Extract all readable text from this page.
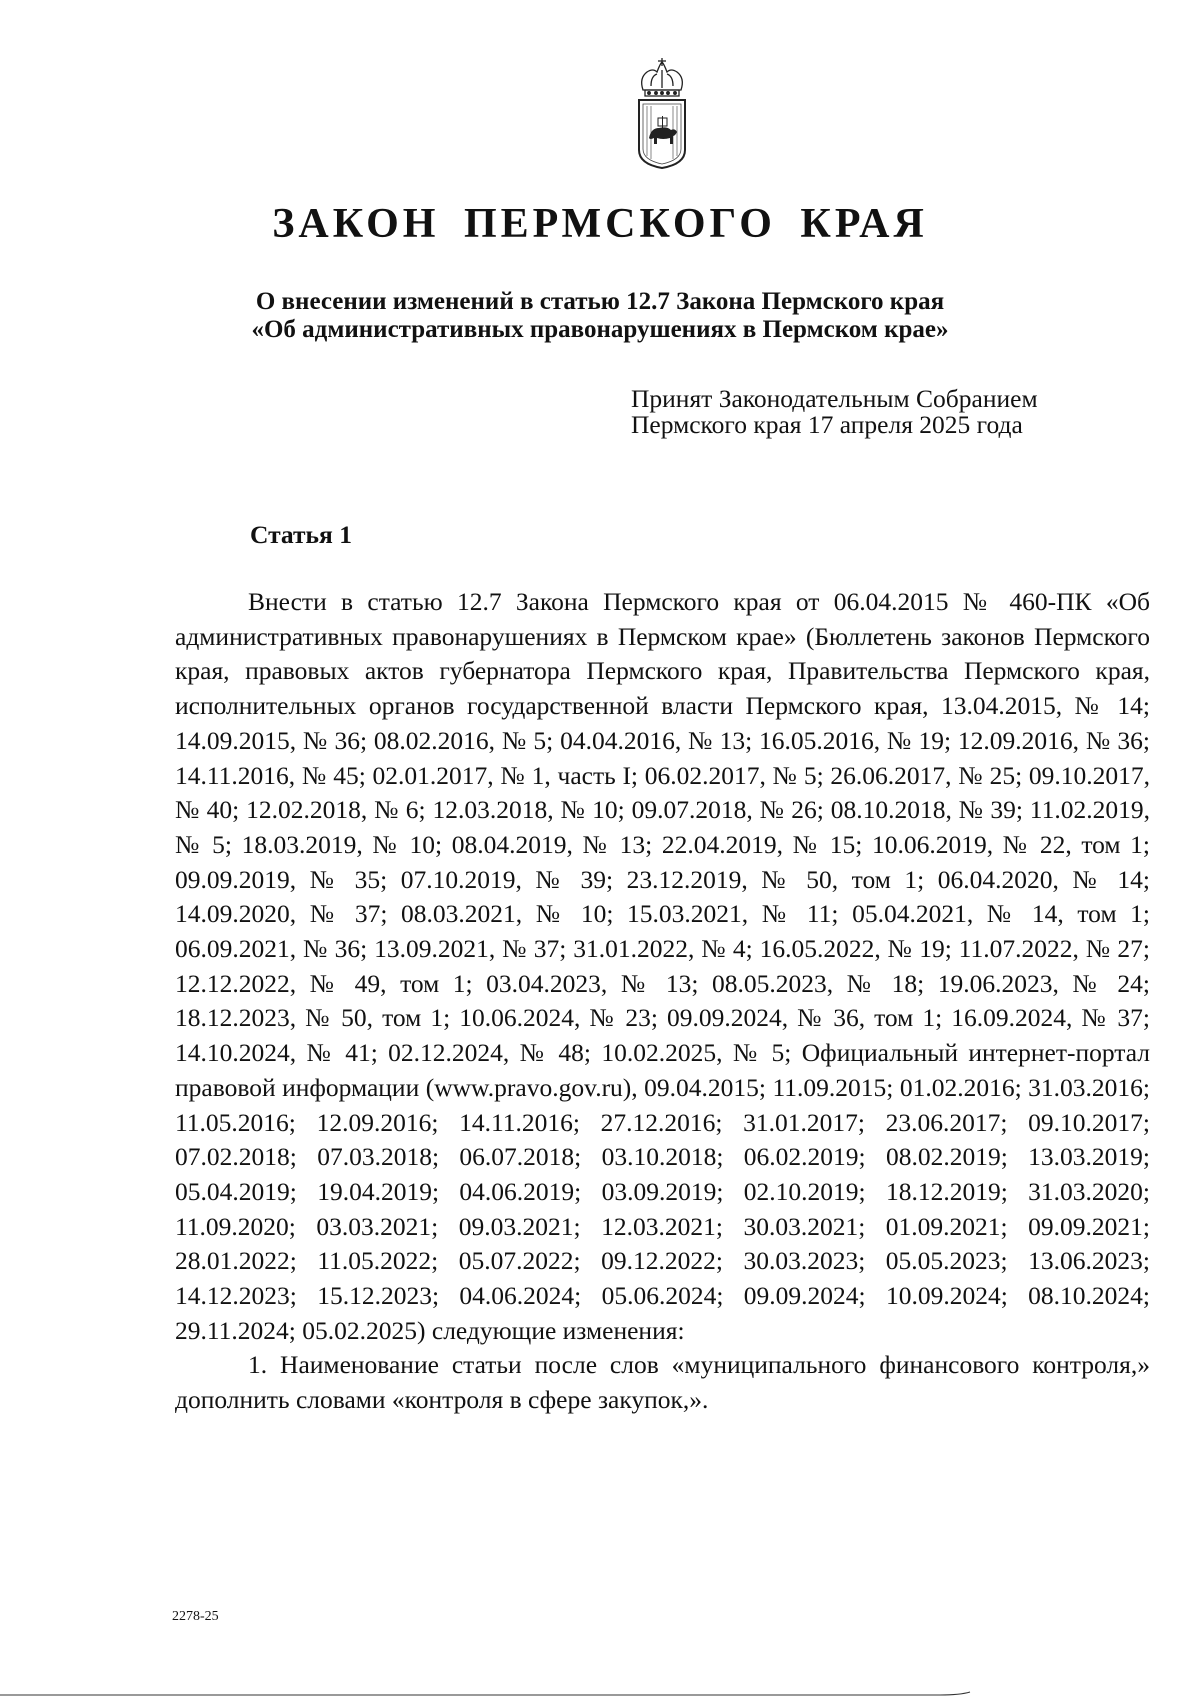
ЗАКОН ПЕРМСКОГО КРАЯ
О внесении изменений в статью 12.7 Закона Пермского края
«Об административных правонарушениях в Пермском крае»
Принят Законодательным Собранием
Пермского края 17 апреля 2025 года
Статья 1

Внести в статью 12.7 Закона Пермского края от 06.04.2015 № 460-ПК «Об административных правонарушениях в Пермском крае» (Бюллетень законов Пермского края, правовых актов губернатора Пермского края, Правительства Пермского края, исполнительных органов государственной власти Пермского края, 13.04.2015, № 14; 14.09.2015, № 36; 08.02.2016, № 5; 04.04.2016, № 13; 16.05.2016, № 19; 12.09.2016, № 36; 14.11.2016, № 45; 02.01.2017, № 1, часть I; 06.02.2017, № 5; 26.06.2017, № 25; 09.10.2017, № 40; 12.02.2018, № 6; 12.03.2018, № 10; 09.07.2018, № 26; 08.10.2018, № 39; 11.02.2019, № 5; 18.03.2019, № 10; 08.04.2019, № 13; 22.04.2019, № 15; 10.06.2019, № 22, том 1; 09.09.2019, № 35; 07.10.2019, № 39; 23.12.2019, № 50, том 1; 06.04.2020, № 14; 14.09.2020, № 37; 08.03.2021, № 10; 15.03.2021, № 11; 05.04.2021, № 14, том 1; 06.09.2021, № 36; 13.09.2021, № 37; 31.01.2022, № 4; 16.05.2022, № 19; 11.07.2022, № 27; 12.12.2022, № 49, том 1; 03.04.2023, № 13; 08.05.2023, № 18; 19.06.2023, № 24; 18.12.2023, № 50, том 1; 10.06.2024, № 23; 09.09.2024, № 36, том 1; 16.09.2024, № 37; 14.10.2024, № 41; 02.12.2024, № 48; 10.02.2025, № 5; Официальный интернет-портал правовой информации (www.pravo.gov.ru), 09.04.2015; 11.09.2015; 01.02.2016; 31.03.2016; 11.05.2016; 12.09.2016; 14.11.2016; 27.12.2016; 31.01.2017; 23.06.2017; 09.10.2017; 07.02.2018; 07.03.2018; 06.07.2018; 03.10.2018; 06.02.2019; 08.02.2019; 13.03.2019; 05.04.2019; 19.04.2019; 04.06.2019; 03.09.2019; 02.10.2019; 18.12.2019; 31.03.2020; 11.09.2020; 03.03.2021; 09.03.2021; 12.03.2021; 30.03.2021; 01.09.2021; 09.09.2021; 28.01.2022; 11.05.2022; 05.07.2022; 09.12.2022; 30.03.2023; 05.05.2023; 13.06.2023; 14.12.2023; 15.12.2023; 04.06.2024; 05.06.2024; 09.09.2024; 10.09.2024; 08.10.2024; 29.11.2024; 05.02.2025) следующие изменения:

1. Наименование статьи после слов «муниципального финансового контроля,» дополнить словами «контроля в сфере закупок,».

2278-25
